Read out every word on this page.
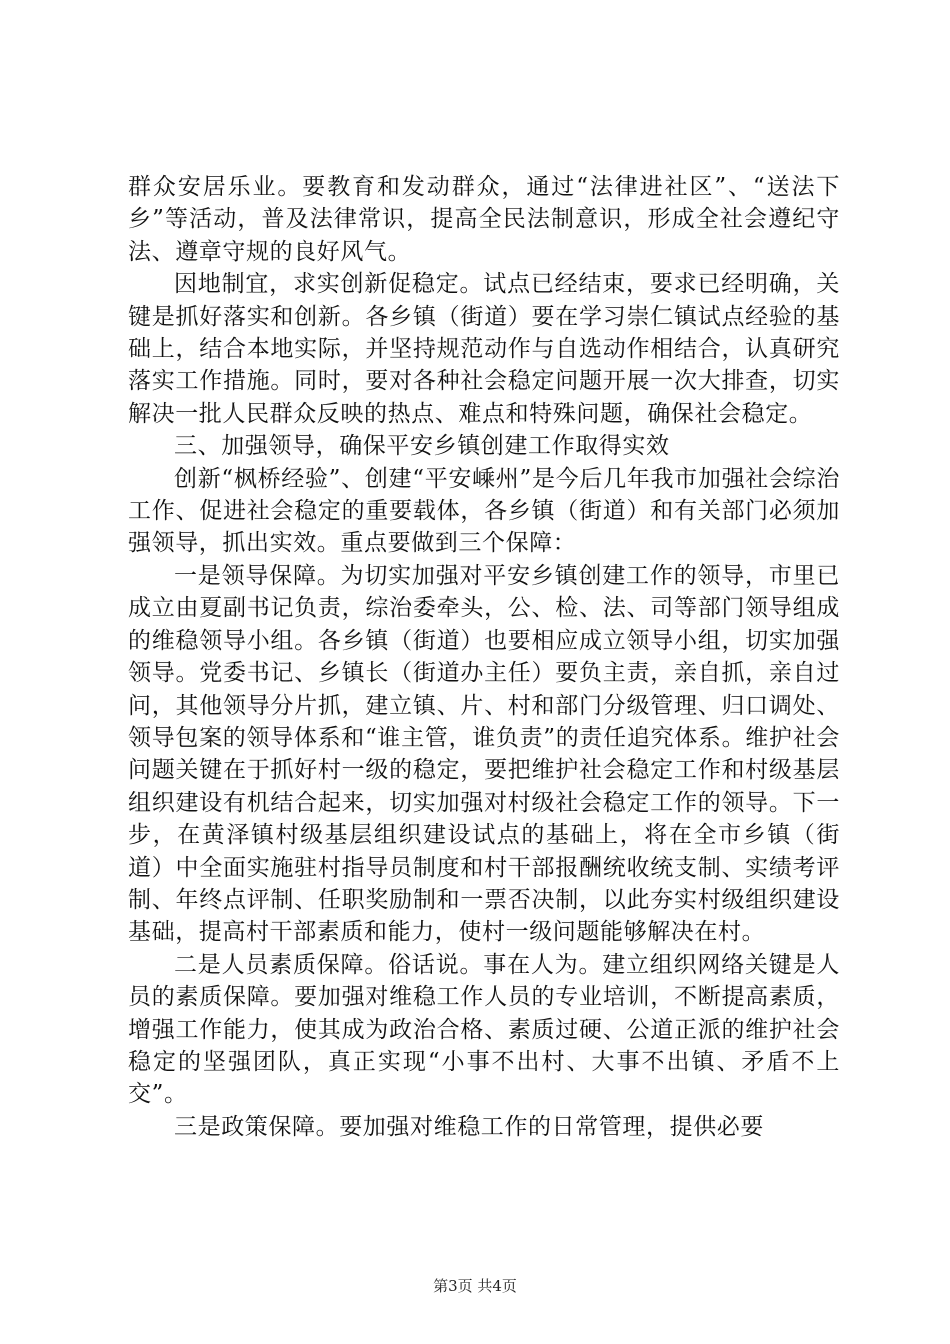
群众安居乐业。要教育和发动群众，通过“法律进社区”、“送法下乡”等活动，普及法律常识，提高全民法制意识，形成全社会遵纪守法、遵章守规的良好风气。

因地制宜，求实创新促稳定。试点已经结束，要求已经明确，关键是抓好落实和创新。各乡镇（街道）要在学习崇仁镇试点经验的基础上，结合本地实际，并坚持规范动作与自选动作相结合，认真研究落实工作措施。同时，要对各种社会稳定问题开展一次大排查，切实解决一批人民群众反映的热点、难点和特殊问题，确保社会稳定。

三、加强领导，确保平安乡镇创建工作取得实效

创新“枫桥经验”、创建“平安嵊州”是今后几年我市加强社会综治工作、促进社会稳定的重要载体，各乡镇（街道）和有关部门必须加强领导，抓出实效。重点要做到三个保障：

一是领导保障。为切实加强对平安乡镇创建工作的领导，市里已成立由夏副书记负责，综治委牵头，公、检、法、司等部门领导组成的维稳领导小组。各乡镇（街道）也要相应成立领导小组，切实加强领导。党委书记、乡镇长（街道办主任）要负主责，亲自抓，亲自过问，其他领导分片抓，建立镇、片、村和部门分级管理、归口调处、领导包案的领导体系和“谁主管，谁负责”的责任追究体系。维护社会问题关键在于抓好村一级的稳定，要把维护社会稳定工作和村级基层组织建设有机结合起来，切实加强对村级社会稳定工作的领导。下一步，在黄泽镇村级基层组织建设试点的基础上，将在全市乡镇（街道）中全面实施驻村指导员制度和村干部报酬统收统支制、实绩考评制、年终点评制、任职奖励制和一票否决制，以此夯实村级组织建设基础，提高村干部素质和能力，使村一级问题能够解决在村。

二是人员素质保障。俗话说。事在人为。建立组织网络关键是人员的素质保障。要加强对维稳工作人员的专业培训，不断提高素质，增强工作能力，使其成为政治合格、素质过硬、公道正派的维护社会稳定的坚强团队，真正实现“小事不出村、大事不出镇、矛盾不上交”。

三是政策保障。要加强对维稳工作的日常管理，提供必要

第3页 共4页
